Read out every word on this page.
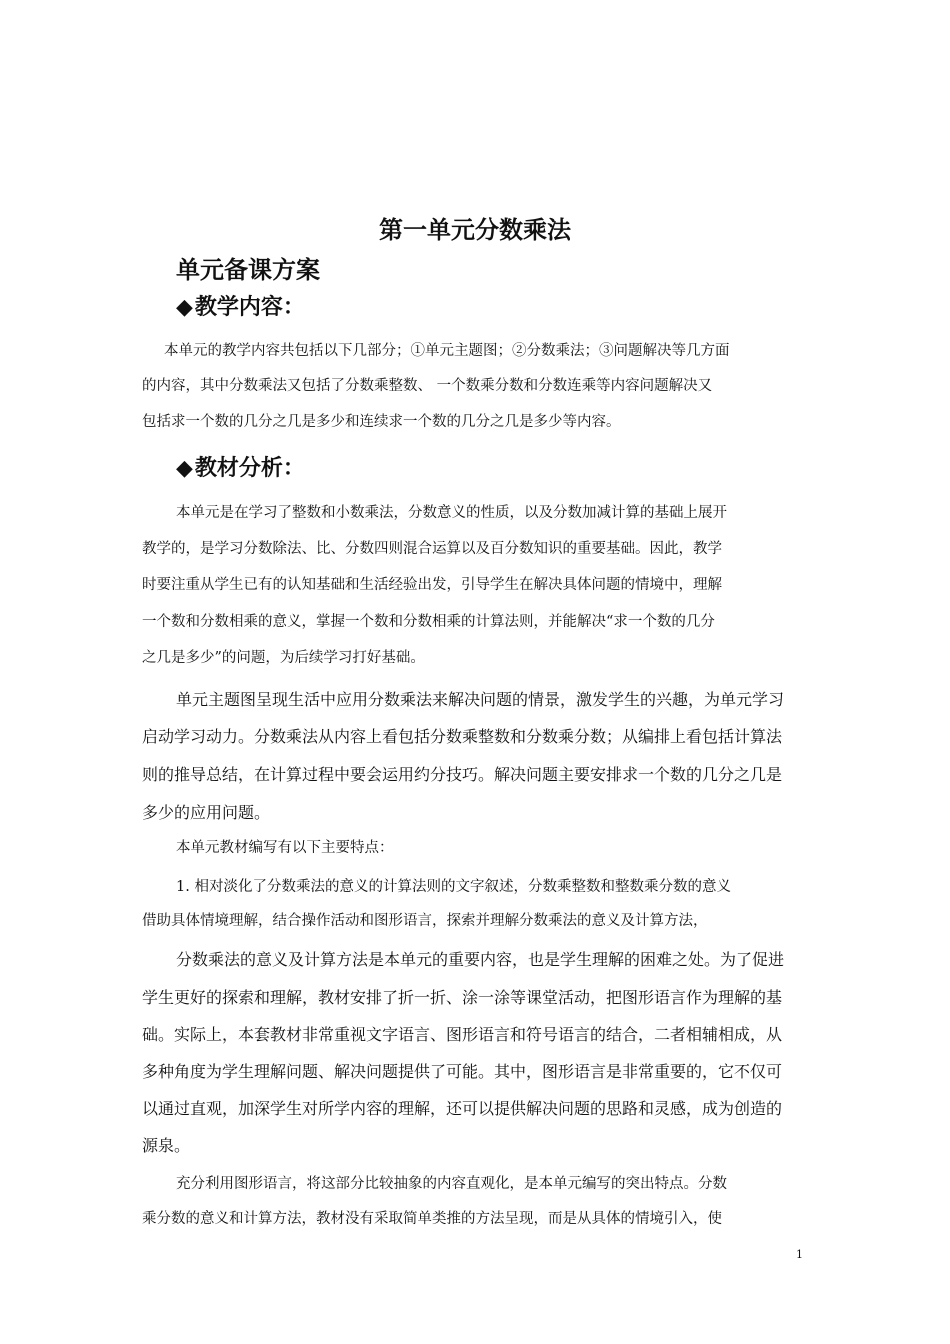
第一单元分数乘法
单元备课方案
◆教学内容：
本单元的教学内容共包括以下几部分；①单元主题图；②分数乘法；③问题解决等几方面
的内容，其中分数乘法又包括了分数乘整数、 一个数乘分数和分数连乘等内容问题解决又
包括求一个数的几分之几是多少和连续求一个数的几分之几是多少等内容。
◆教材分析：
本单元是在学习了整数和小数乘法，分数意义的性质，以及分数加减计算的基础上展开
教学的，是学习分数除法、比、分数四则混合运算以及百分数知识的重要基础。因此，教学
时要注重从学生已有的认知基础和生活经验出发，引导学生在解决具体问题的情境中，理解
一个数和分数相乘的意义，掌握一个数和分数相乘的计算法则，并能解决“求一个数的几分
之几是多少”的问题，为后续学习打好基础。
单元主题图呈现生活中应用分数乘法来解决问题的情景，激发学生的兴趣，为单元学习
启动学习动力。分数乘法从内容上看包括分数乘整数和分数乘分数；从编排上看包括计算法
则的推导总结，在计算过程中要会运用约分技巧。解决问题主要安排求一个数的几分之几是
多少的应用问题。
本单元教材编写有以下主要特点：
1. 相对淡化了分数乘法的意义的计算法则的文字叙述，分数乘整数和整数乘分数的意义
借助具体情境理解，结合操作活动和图形语言，探索并理解分数乘法的意义及计算方法，
分数乘法的意义及计算方法是本单元的重要内容，也是学生理解的困难之处。为了促进
学生更好的探索和理解，教材安排了折一折、涂一涂等课堂活动，把图形语言作为理解的基
础。实际上，本套教材非常重视文字语言、图形语言和符号语言的结合，二者相辅相成，从
多种角度为学生理解问题、解决问题提供了可能。其中，图形语言是非常重要的，它不仅可
以通过直观，加深学生对所学内容的理解，还可以提供解决问题的思路和灵感，成为创造的
源泉。
充分利用图形语言，将这部分比较抽象的内容直观化，是本单元编写的突出特点。分数
乘分数的意义和计算方法，教材没有采取简单类推的方法呈现，而是从具体的情境引入，使
1
